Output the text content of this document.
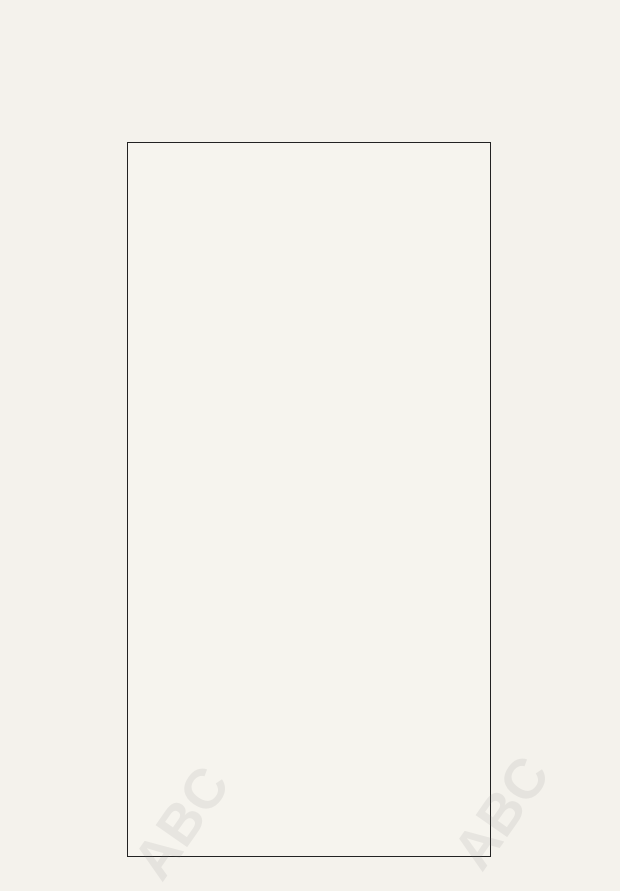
ABC
